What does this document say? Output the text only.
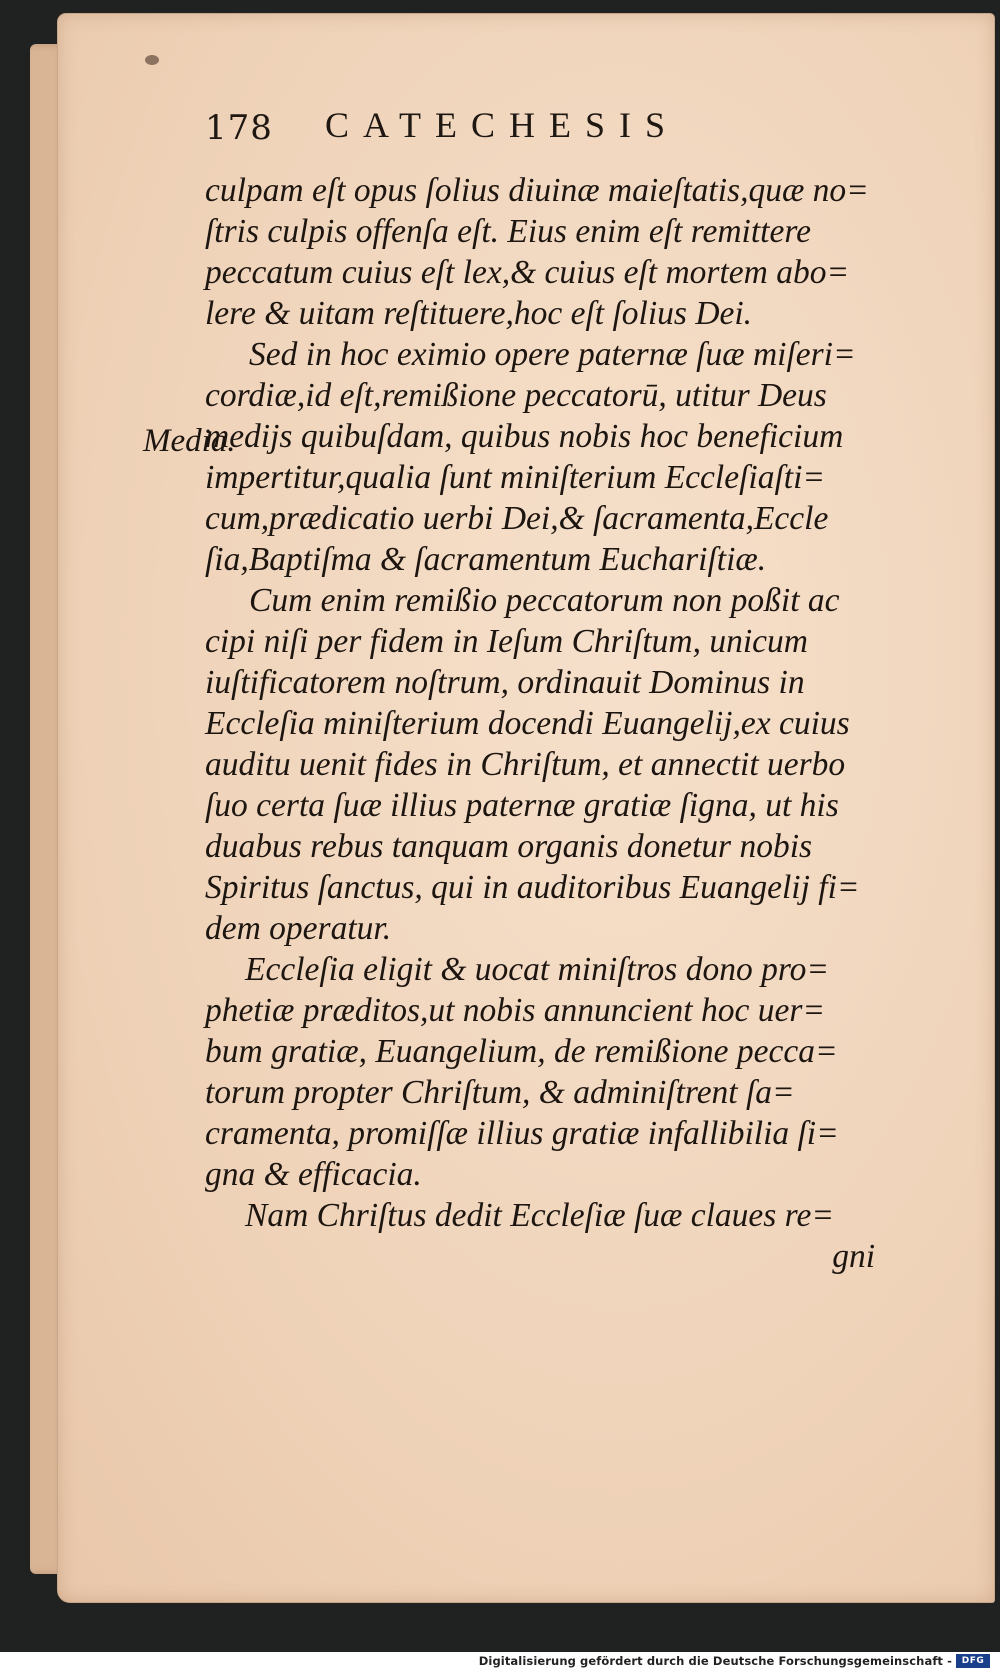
178 CATECHESIS
Media.
culpam eſt opus ſolius diuinæ maieſtatis,quæ no=
ſtris culpis offenſa eſt. Eius enim eſt remittere
peccatum cuius eſt lex,& cuius eſt mortem abo=
lere & uitam reſtituere,hoc eſt ſolius Dei.
Sed in hoc eximio opere paternæ ſuæ miſeri=
cordiæ,id eſt,remißione peccatorū, utitur Deus
medijs quibuſdam, quibus nobis hoc beneficium
impertitur,qualia ſunt miniſterium Eccleſiaſti=
cum,prædicatio uerbi Dei,& ſacramenta,Eccle
ſia,Baptiſma & ſacramentum Euchariſtiæ.
Cum enim remißio peccatorum non poßit ac
cipi niſi per fidem in Ieſum Chriſtum, unicum
iuſtificatorem noſtrum, ordinauit Dominus in
Eccleſia miniſterium docendi Euangelij,ex cuius
auditu uenit fides in Chriſtum, et annectit uerbo
ſuo certa ſuæ illius paternæ gratiæ ſigna, ut his
duabus rebus tanquam organis donetur nobis
Spiritus ſanctus, qui in auditoribus Euangelij fi=
dem operatur.
Eccleſia eligit & uocat miniſtros dono pro=
phetiæ præditos,ut nobis annuncient hoc uer=
bum gratiæ, Euangelium, de remißione pecca=
torum propter Chriſtum, & adminiſtrent ſa=
cramenta, promiſſæ illius gratiæ infallibilia ſi=
gna & efficacia.
Nam Chriſtus dedit Eccleſiæ ſuæ claues re=
gni
Digitalisierung gefördert durch die Deutsche Forschungsgemeinschaft -	DFG
